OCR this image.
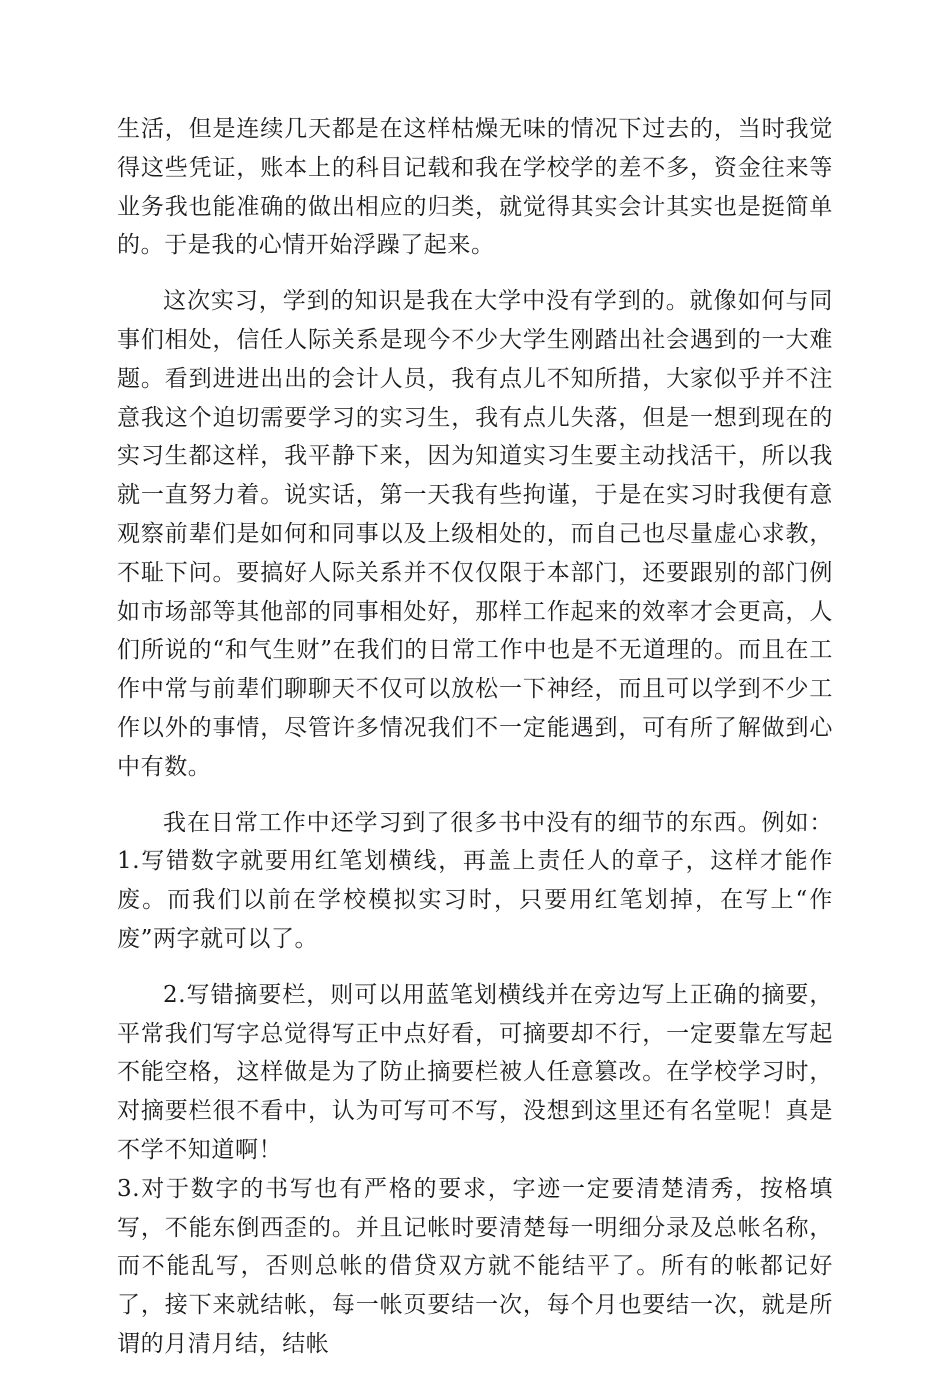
生活，但是连续几天都是在这样枯燥无味的情况下过去的，当时我觉得这些凭证，账本上的科目记载和我在学校学的差不多，资金往来等业务我也能准确的做出相应的归类，就觉得其实会计其实也是挺简单的。于是我的心情开始浮躁了起来。

这次实习，学到的知识是我在大学中没有学到的。就像如何与同事们相处，信任人际关系是现今不少大学生刚踏出社会遇到的一大难题。看到进进出出的会计人员，我有点儿不知所措，大家似乎并不注意我这个迫切需要学习的实习生，我有点儿失落，但是一想到现在的实习生都这样，我平静下来，因为知道实习生要主动找活干，所以我就一直努力着。说实话，第一天我有些拘谨，于是在实习时我便有意观察前辈们是如何和同事以及上级相处的，而自己也尽量虚心求教，不耻下问。要搞好人际关系并不仅仅限于本部门，还要跟别的部门例如市场部等其他部的同事相处好，那样工作起来的效率才会更高，人们所说的“和气生财”在我们的日常工作中也是不无道理的。而且在工作中常与前辈们聊聊天不仅可以放松一下神经，而且可以学到不少工作以外的事情，尽管许多情况我们不一定能遇到，可有所了解做到心中有数。

我在日常工作中还学习到了很多书中没有的细节的东西。例如：1.写错数字就要用红笔划横线，再盖上责任人的章子，这样才能作废。而我们以前在学校模拟实习时，只要用红笔划掉，在写上“作废”两字就可以了。

2.写错摘要栏，则可以用蓝笔划横线并在旁边写上正确的摘要，平常我们写字总觉得写正中点好看，可摘要却不行，一定要靠左写起不能空格，这样做是为了防止摘要栏被人任意篡改。在学校学习时，对摘要栏很不看中，认为可写可不写，没想到这里还有名堂呢！真是不学不知道啊！

3.对于数字的书写也有严格的要求，字迹一定要清楚清秀，按格填写，不能东倒西歪的。并且记帐时要清楚每一明细分录及总帐名称，而不能乱写，否则总帐的借贷双方就不能结平了。所有的帐都记好了，接下来就结帐，每一帐页要结一次，每个月也要结一次，就是所谓的月清月结，结帐
